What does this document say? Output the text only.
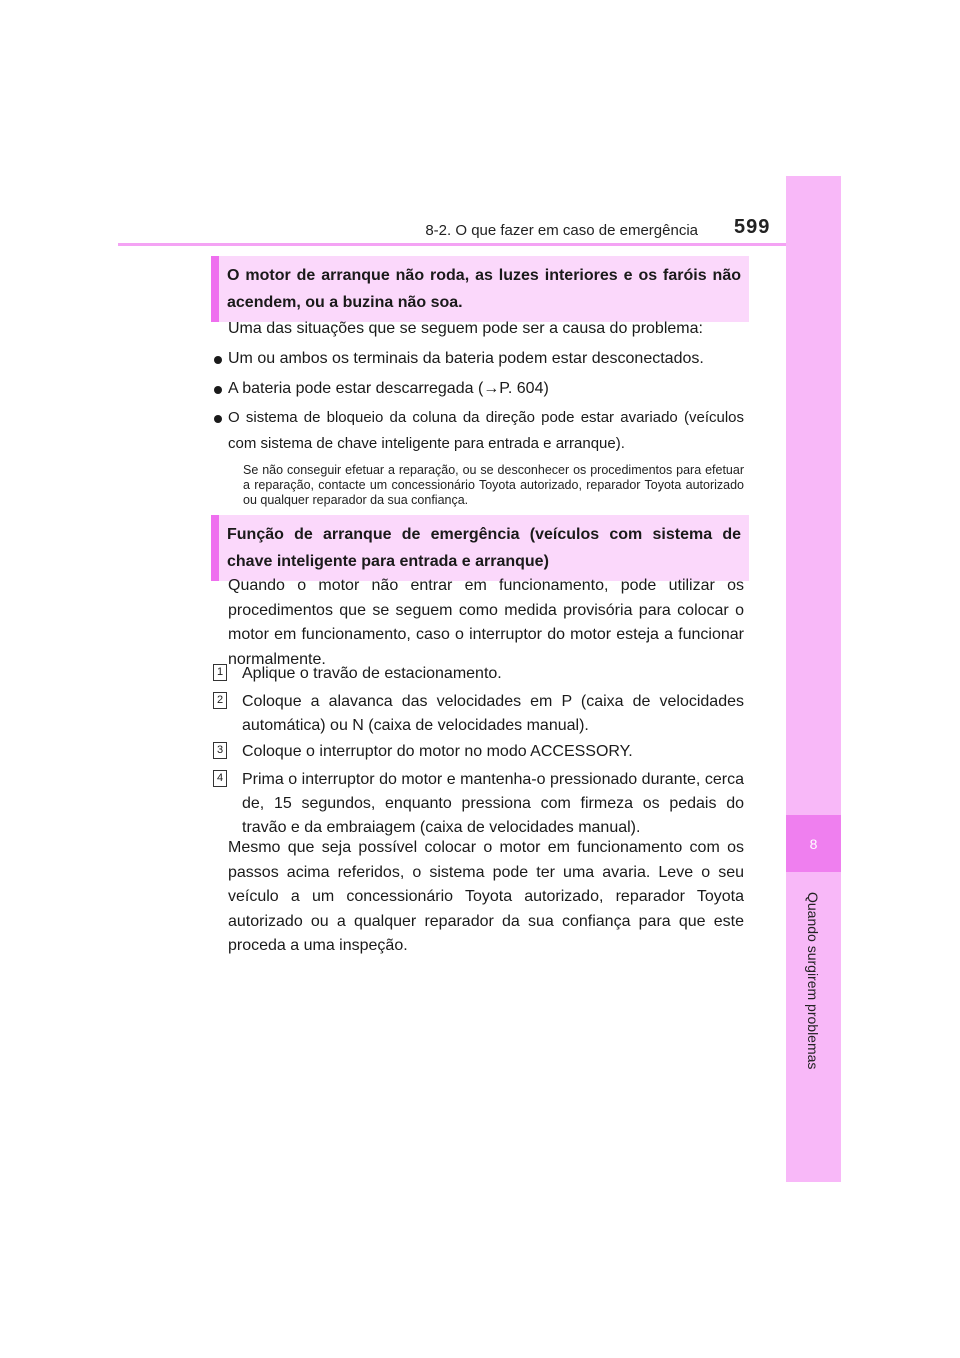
8-2. O que fazer em caso de emergência 599
8
Quando surgirem problemas
O motor de arranque não roda, as luzes interiores e os faróis não acendem, ou a buzina não soa.
Uma das situações que se seguem pode ser a causa do problema:
Um ou ambos os terminais da bateria podem estar desconectados.
A bateria pode estar descarregada (→P. 604)
O sistema de bloqueio da coluna da direção pode estar avariado (veículos com sistema de chave inteligente para entrada e arranque).
Se não conseguir efetuar a reparação, ou se desconhecer os procedimentos para efetuar a reparação, contacte um concessionário Toyota autorizado, reparador Toyota autorizado ou qualquer reparador da sua confiança.
Função de arranque de emergência (veículos com sistema de chave inteligente para entrada e arranque)
Quando o motor não entrar em funcionamento, pode utilizar os procedimentos que se seguem como medida provisória para colocar o motor em funcionamento, caso o interruptor do motor esteja a funcionar normalmente.
1 Aplique o travão de estacionamento.
2 Coloque a alavanca das velocidades em P (caixa de velocidades automática) ou N (caixa de velocidades manual).
3 Coloque o interruptor do motor no modo ACCESSORY.
4 Prima o interruptor do motor e mantenha-o pressionado durante, cerca de, 15 segundos, enquanto pressiona com firmeza os pedais do travão e da embraiagem (caixa de velocidades manual).
Mesmo que seja possível colocar o motor em funcionamento com os passos acima referidos, o sistema pode ter uma avaria. Leve o seu veículo a um concessionário Toyota autorizado, reparador Toyota autorizado ou a qualquer reparador da sua confiança para que este proceda a uma inspeção.
